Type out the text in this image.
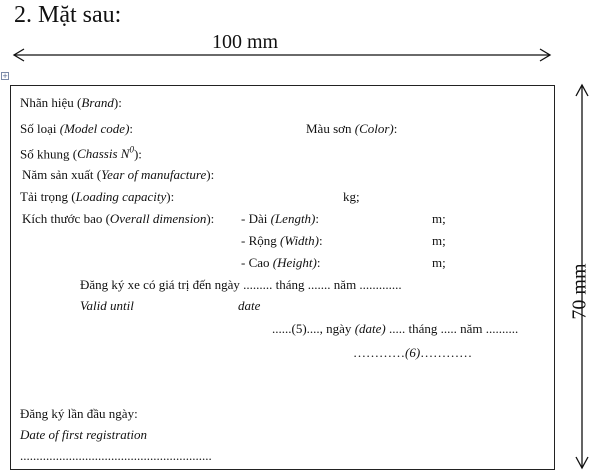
2. Mặt sau:
100 mm
70 mm
+
Nhãn hiệu (Brand):
Số loại (Model code):	Màu sơn (Color):
Số khung (Chassis $N^0$):
Năm sản xuất (Year of manufacture):
Tải trọng (Loading capacity):	kg;
Kích thước bao (Overall dimension): - Dài (Length):	m;
- Rộng (Width):	m;
- Cao (Height):	m;
Đăng ký xe có giá trị đến ngày ......... tháng ....... năm .............
Valid until	date
......(5)...., ngày (date) ..... tháng ..... năm ..........
…………(6)…………
Đăng ký lần đầu ngày:
Date of first registration
...........................................................
